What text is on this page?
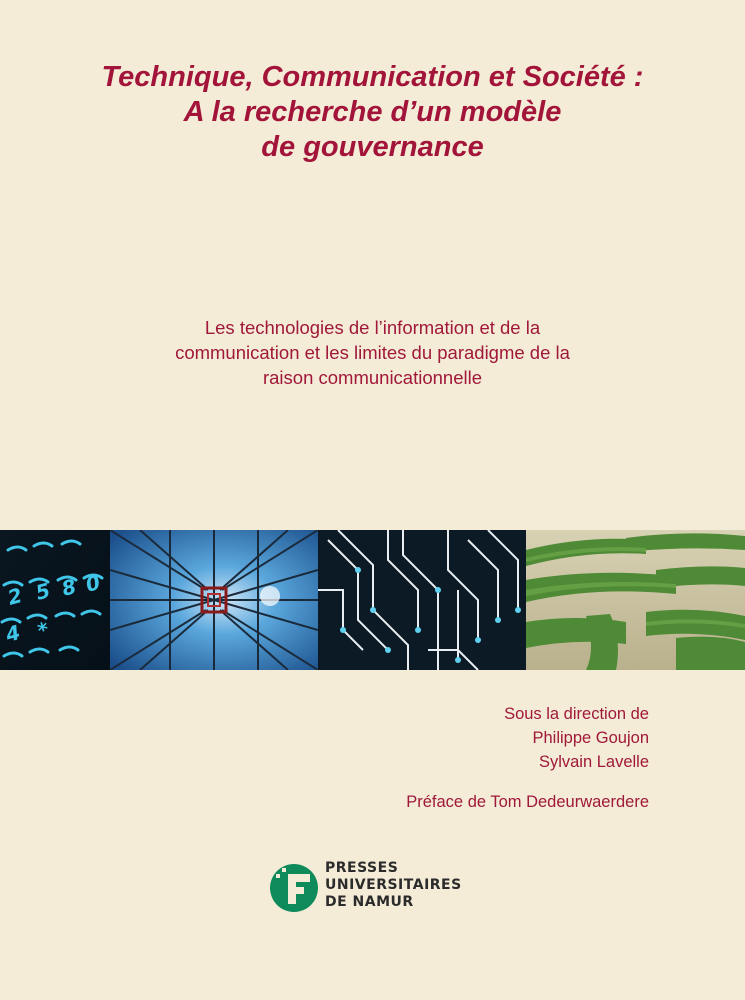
Technique, Communication et Société :
A la recherche d’un modèle
de gouvernance
Les technologies de l’information et de la
communication et les limites du paradigme de la
raison communicationnelle
2 5 8 0
4 *
Sous la direction de
Philippe Goujon
Sylvain Lavelle
Préface de Tom Dedeurwaerdere
PRESSES
UNIVERSITAIRES
DE NAMUR
